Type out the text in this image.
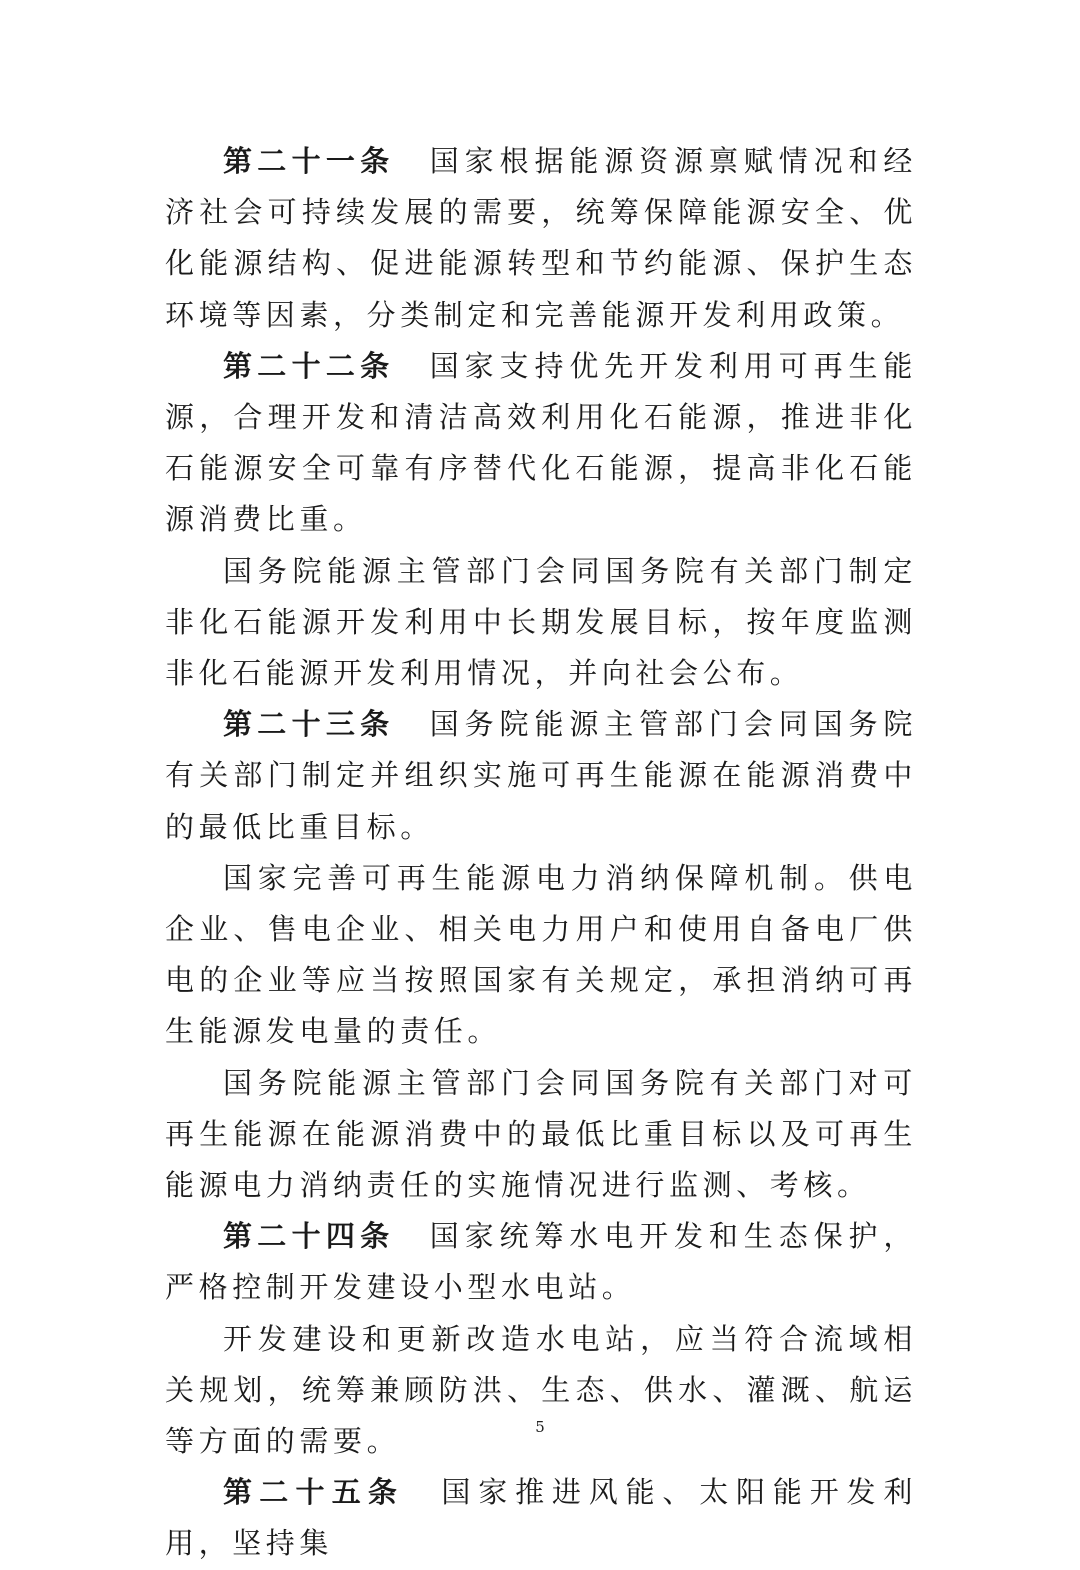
第二十一条 国家根据能源资源禀赋情况和经济社会可持续发展的需要，统筹保障能源安全、优化能源结构、促进能源转型和节约能源、保护生态环境等因素，分类制定和完善能源开发利用政策。

第二十二条 国家支持优先开发利用可再生能源，合理开发和清洁高效利用化石能源，推进非化石能源安全可靠有序替代化石能源，提高非化石能源消费比重。

国务院能源主管部门会同国务院有关部门制定非化石能源开发利用中长期发展目标，按年度监测非化石能源开发利用情况，并向社会公布。

第二十三条 国务院能源主管部门会同国务院有关部门制定并组织实施可再生能源在能源消费中的最低比重目标。

国家完善可再生能源电力消纳保障机制。供电企业、售电企业、相关电力用户和使用自备电厂供电的企业等应当按照国家有关规定，承担消纳可再生能源发电量的责任。

国务院能源主管部门会同国务院有关部门对可再生能源在能源消费中的最低比重目标以及可再生能源电力消纳责任的实施情况进行监测、考核。

第二十四条 国家统筹水电开发和生态保护，严格控制开发建设小型水电站。

开发建设和更新改造水电站，应当符合流域相关规划，统筹兼顾防洪、生态、供水、灌溉、航运等方面的需要。

第二十五条 国家推进风能、太阳能开发利用，坚持集

5
